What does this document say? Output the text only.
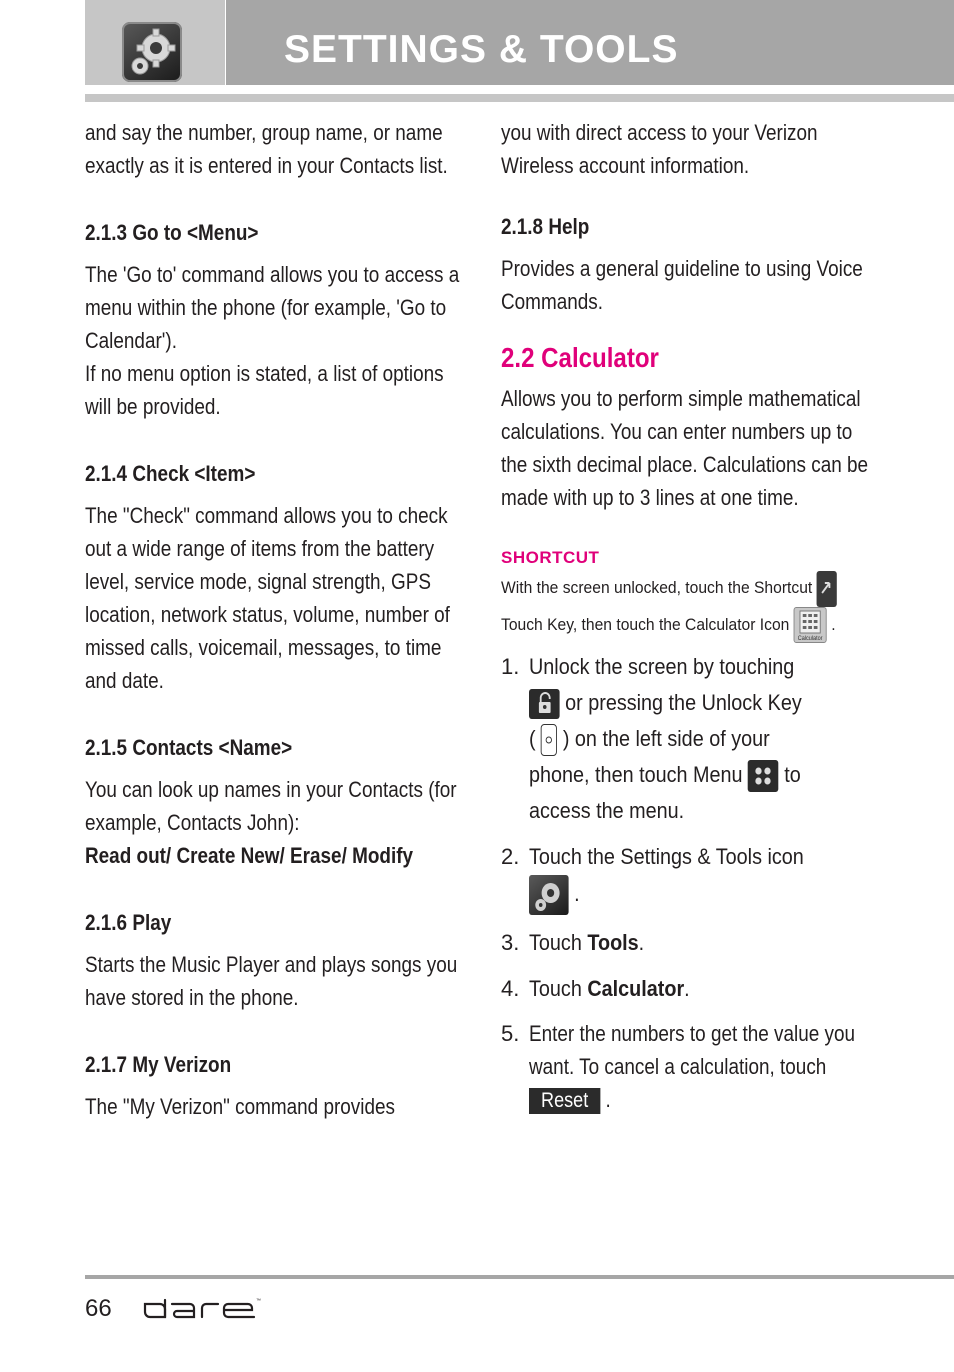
SETTINGS & TOOLS

and say the number, group name, or name exactly as it is entered in your Contacts list.

2.1.3 Go to <Menu>

The 'Go to' command allows you to access a menu within the phone (for example, 'Go to Calendar').
If no menu option is stated, a list of options will be provided.

2.1.4 Check <Item>

The "Check" command allows you to check out a wide range of items from the battery level, service mode, signal strength, GPS location, network status, volume, number of missed calls, voicemail, messages, to time and date.

2.1.5 Contacts <Name>

You can look up names in your Contacts (for example, Contacts John):
Read out/ Create New/ Erase/ Modify

2.1.6 Play

Starts the Music Player and plays songs you have stored in the phone.

2.1.7 My Verizon

The "My Verizon" command provides

you with direct access to your Verizon Wireless account information.

2.1.8 Help

Provides a general guideline to using Voice Commands.

2.2 Calculator

Allows you to perform simple mathematical calculations. You can enter numbers up to the sixth decimal place. Calculations can be made with up to 3 lines at one time.

SHORTCUT

With the screen unlocked, touch the Shortcut
Touch Key, then touch the Calculator Icon
Calculator
.
1. Unlock the screen by touching
or pressing the Unlock Key
( ) on the left side of your
phone, then touch Menu to
access the menu.
2. Touch the Settings & Tools icon
.
3. Touch Tools.
4. Touch Calculator.
5. Enter the numbers to get the value you want. To cancel a calculation, touch Reset .
66	™
